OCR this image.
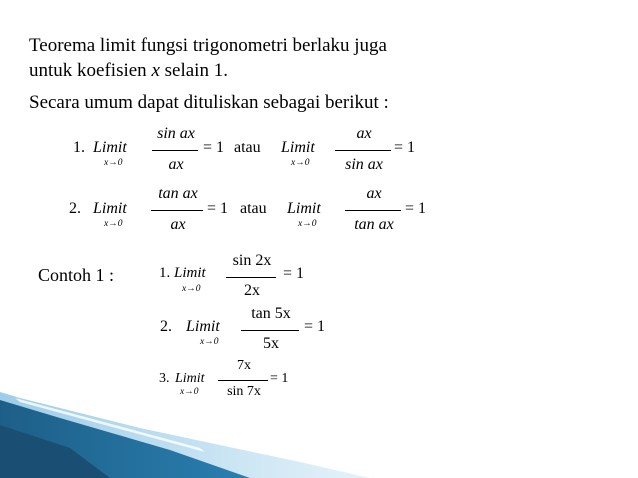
Teorema limit fungsi trigonometri berlaku juga
untuk koefisien x selain 1.
Secara umum dapat dituliskan sebagai berikut :
1. Limit
x→0
sin ax
ax
= 1 atau Limit
x→0
ax
sin ax
= 1
2. Limit
x→0
tan ax
ax
= 1 atau Limit
x→0
ax
tan ax
= 1
Contoh 1 :	1. Limit
x→0
sin 2x
2x
= 1
2. Limit
x→0
tan 5x
5x
= 1
3. Limit
x→0
7x
sin 7x
= 1
